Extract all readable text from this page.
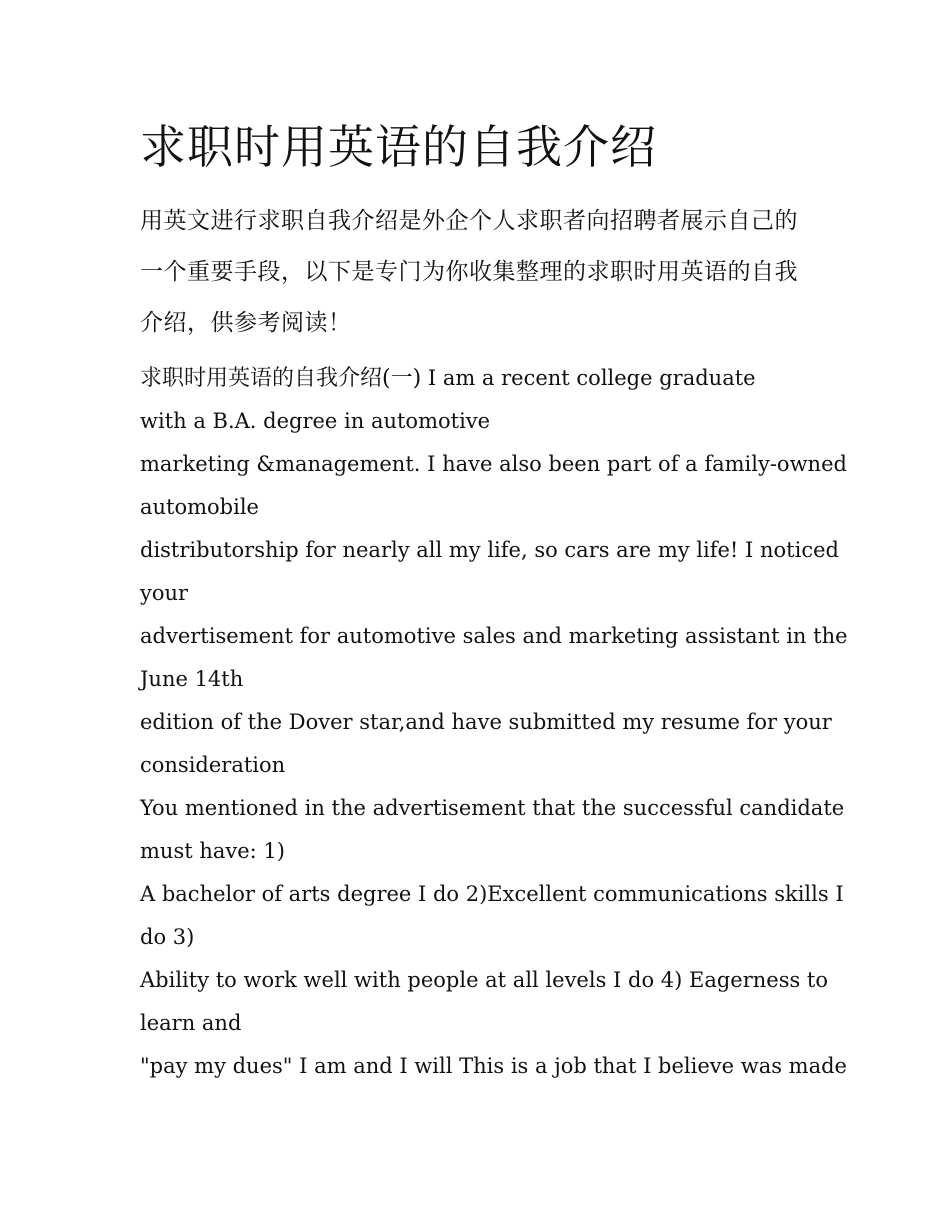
求职时用英语的自我介绍

用英文进行求职自我介绍是外企个人求职者向招聘者展示自己的一个重要手段，以下是专门为你收集整理的求职时用英语的自我介绍，供参考阅读！

求职时用英语的自我介绍(一) I am a recent college graduate

with a B.A. degree in automotive

marketing &management. I have also been part of a family-owned

automobile

distributorship for nearly all my life, so cars are my life! I noticed

your

advertisement for automotive sales and marketing assistant in the

June 14th

edition of the Dover star,and have submitted my resume for your

consideration

You mentioned in the advertisement that the successful candidate

must have: 1)

A bachelor of arts degree I do 2)Excellent communications skills I

do 3)

Ability to work well with people at all levels I do 4) Eagerness to

learn and

"pay my dues" I am and I will This is a job that I believe was made
